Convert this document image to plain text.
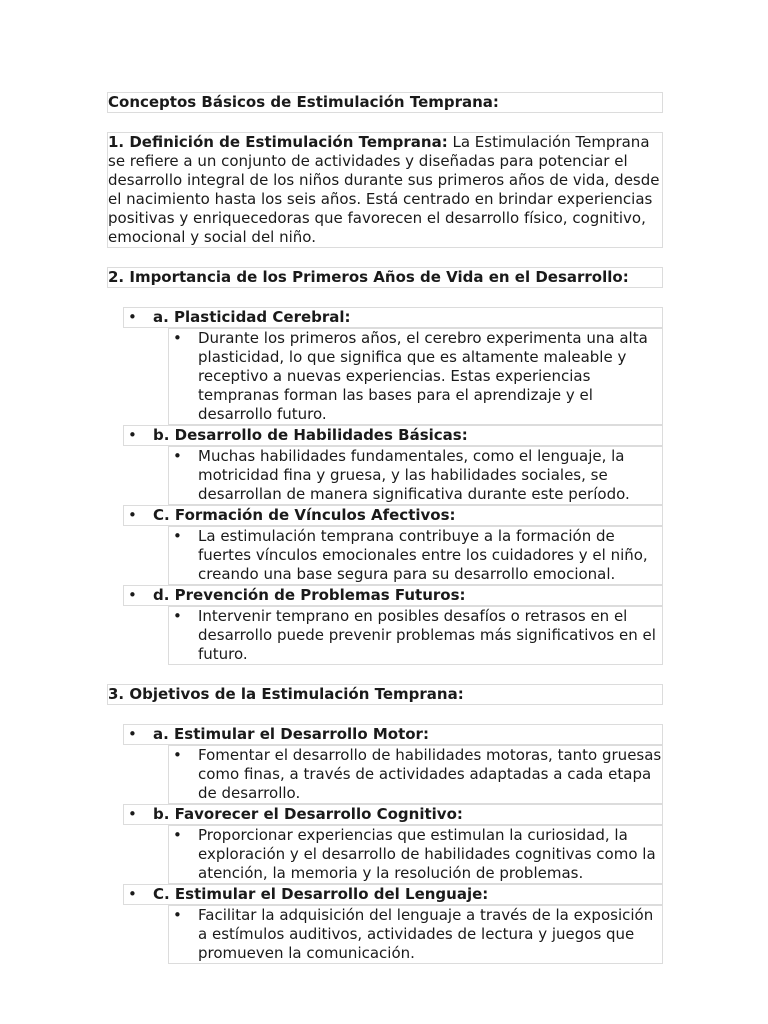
Conceptos Básicos de Estimulación Temprana:
1. Definición de Estimulación Temprana: La Estimulación Temprana se refiere a un conjunto de actividades y diseñadas para potenciar el desarrollo integral de los niños durante sus primeros años de vida, desde el nacimiento hasta los seis años. Está centrado en brindar experiencias positivas y enriquecedoras que favorecen el desarrollo físico, cognitivo, emocional y social del niño.
2. Importancia de los Primeros Años de Vida en el Desarrollo:
• a. Plasticidad Cerebral:
• Durante los primeros años, el cerebro experimenta una alta plasticidad, lo que significa que es altamente maleable y receptivo a nuevas experiencias. Estas experiencias tempranas forman las bases para el aprendizaje y el desarrollo futuro.
• b. Desarrollo de Habilidades Básicas:
• Muchas habilidades fundamentales, como el lenguaje, la motricidad fina y gruesa, y las habilidades sociales, se desarrollan de manera significativa durante este período.
• C. Formación de Vínculos Afectivos:
• La estimulación temprana contribuye a la formación de fuertes vínculos emocionales entre los cuidadores y el niño, creando una base segura para su desarrollo emocional.
• d. Prevención de Problemas Futuros:
• Intervenir temprano en posibles desafíos o retrasos en el desarrollo puede prevenir problemas más significativos en el futuro.
3. Objetivos de la Estimulación Temprana:
• a. Estimular el Desarrollo Motor:
• Fomentar el desarrollo de habilidades motoras, tanto gruesas como finas, a través de actividades adaptadas a cada etapa de desarrollo.
• b. Favorecer el Desarrollo Cognitivo:
• Proporcionar experiencias que estimulan la curiosidad, la exploración y el desarrollo de habilidades cognitivas como la atención, la memoria y la resolución de problemas.
• C. Estimular el Desarrollo del Lenguaje:
• Facilitar la adquisición del lenguaje a través de la exposición a estímulos auditivos, actividades de lectura y juegos que promueven la comunicación.
